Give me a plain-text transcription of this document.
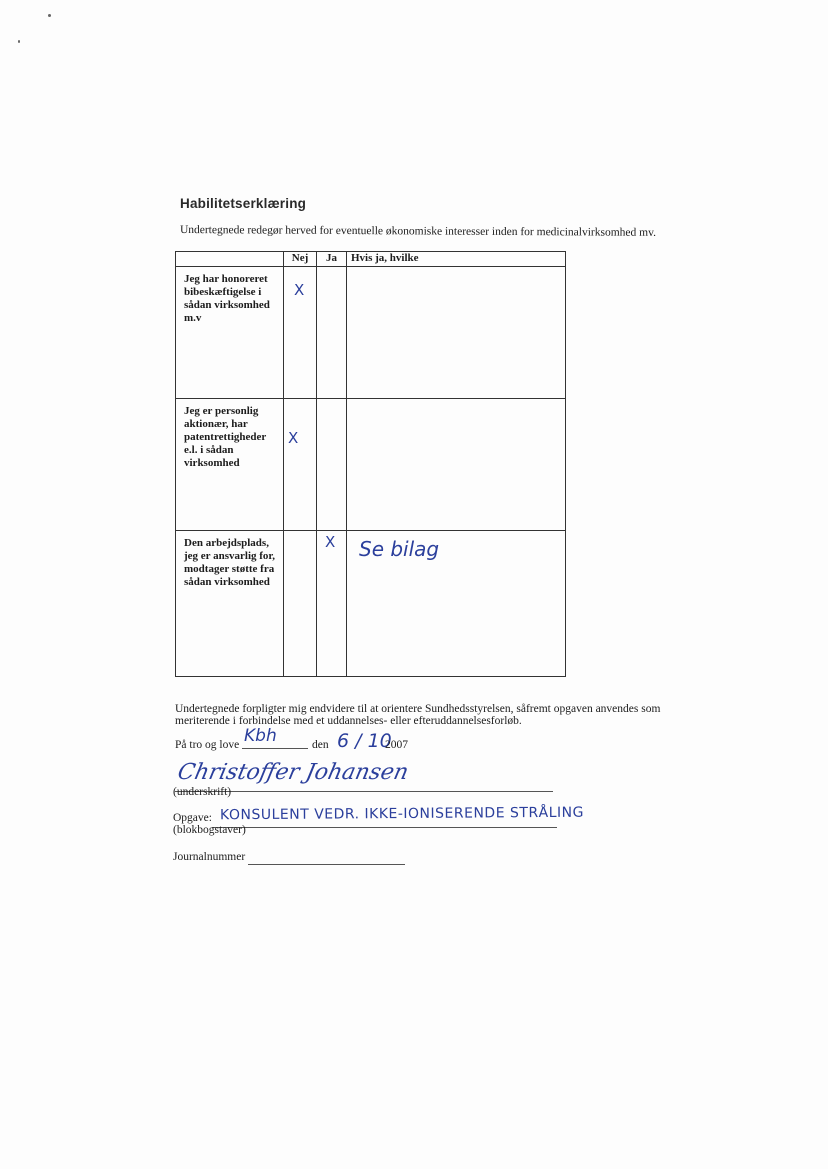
Habilitetserklæring
Undertegnede redegør herved for eventuelle økonomiske interesser inden for medicinalvirksomhed mv.
	Nej	Ja	Hvis ja, hvilke
Jeg har honoreret bibeskæftigelse i sådan virksomhed m.v	X		

Jeg er personlig aktionær, har patentrettigheder e.l. i sådan virksomhed	X		

Den arbejdsplads, jeg er ansvarlig for, modtager støtte fra sådan virksomhed		X	Se bilag
Undertegnede forpligter mig endvidere til at orientere Sundhedsstyrelsen, såfremt opgaven anvendes som meriterende i forbindelse med et uddannelses- eller efteruddannelsesforløb.
På tro og love Kbh	den 6 / 10
2007
Christoffer Johansen
(underskrift)
Opgave: KONSULENT VEDR. IKKE-IONISERENDE STRÅLING
(blokbogstaver)
Journalnummer
